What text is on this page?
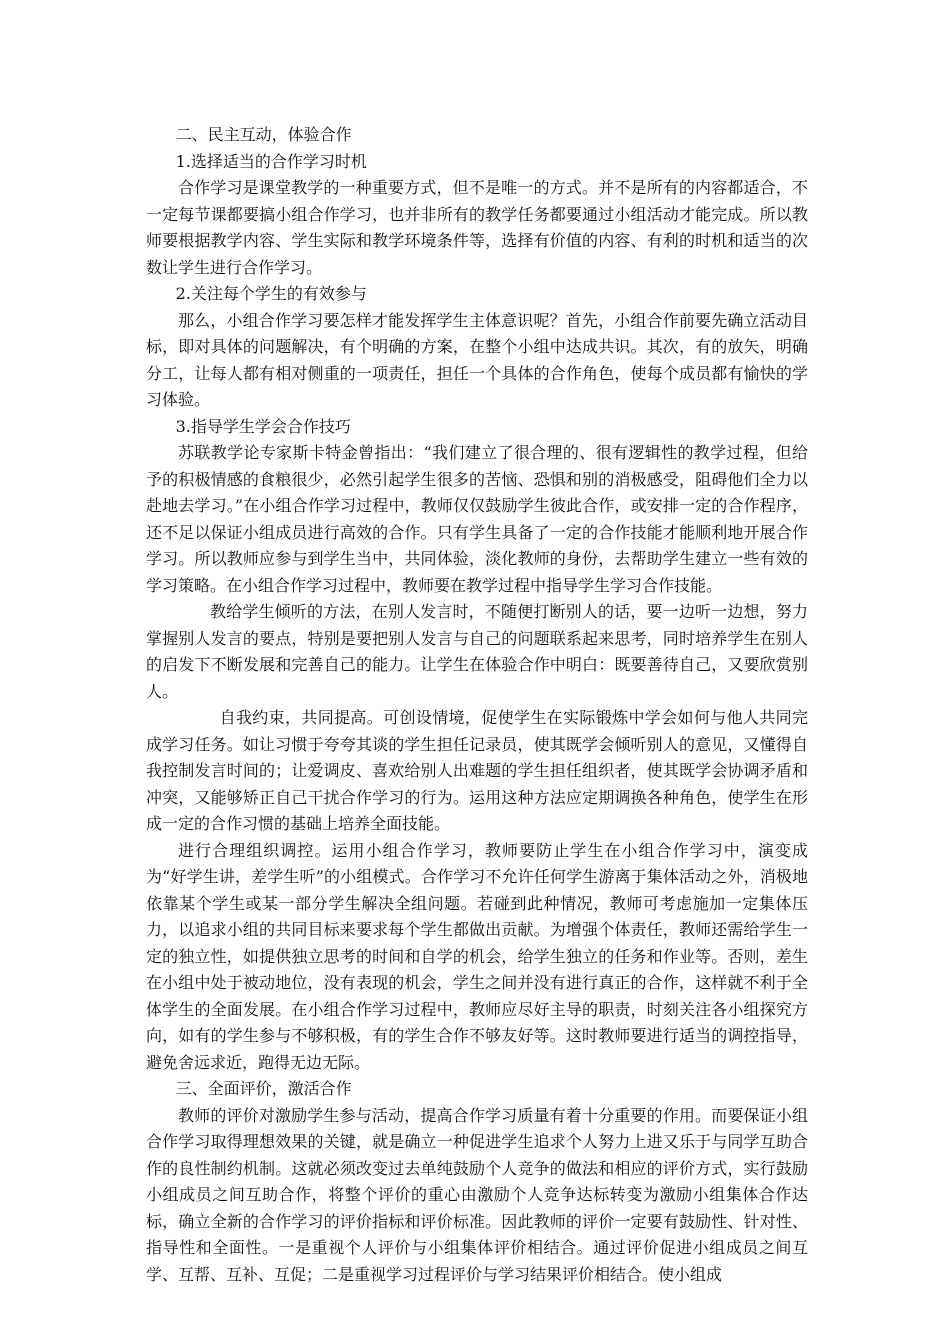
二、民主互动，体验合作

1.选择适当的合作学习时机

合作学习是课堂教学的一种重要方式，但不是唯一的方式。并不是所有的内容都适合，不一定每节课都要搞小组合作学习，也并非所有的教学任务都要通过小组活动才能完成。所以教师要根据教学内容、学生实际和教学环境条件等，选择有价值的内容、有利的时机和适当的次数让学生进行合作学习。

2.关注每个学生的有效参与

那么，小组合作学习要怎样才能发挥学生主体意识呢？首先，小组合作前要先确立活动目标，即对具体的问题解决，有个明确的方案，在整个小组中达成共识。其次，有的放矢，明确分工，让每人都有相对侧重的一项责任，担任一个具体的合作角色，使每个成员都有愉快的学习体验。

3.指导学生学会合作技巧

苏联教学论专家斯卡特金曾指出：“我们建立了很合理的、很有逻辑性的教学过程，但给予的积极情感的食粮很少，必然引起学生很多的苦恼、恐惧和别的消极感受，阻碍他们全力以赴地去学习。”在小组合作学习过程中，教师仅仅鼓励学生彼此合作，或安排一定的合作程序，还不足以保证小组成员进行高效的合作。只有学生具备了一定的合作技能才能顺利地开展合作学习。所以教师应参与到学生当中，共同体验，淡化教师的身份，去帮助学生建立一些有效的学习策略。在小组合作学习过程中，教师要在教学过程中指导学生学习合作技能。

教给学生倾听的方法，在别人发言时，不随便打断别人的话，要一边听一边想，努力掌握别人发言的要点，特别是要把别人发言与自己的问题联系起来思考，同时培养学生在别人的启发下不断发展和完善自己的能力。让学生在体验合作中明白：既要善待自己，又要欣赏别人。

自我约束，共同提高。可创设情境，促使学生在实际锻炼中学会如何与他人共同完成学习任务。如让习惯于夸夸其谈的学生担任记录员，使其既学会倾听别人的意见，又懂得自我控制发言时间的；让爱调皮、喜欢给别人出难题的学生担任组织者，使其既学会协调矛盾和冲突，又能够矫正自己干扰合作学习的行为。运用这种方法应定期调换各种角色，使学生在形成一定的合作习惯的基础上培养全面技能。

进行合理组织调控。运用小组合作学习，教师要防止学生在小组合作学习中，演变成为“好学生讲，差学生听”的小组模式。合作学习不允许任何学生游离于集体活动之外，消极地依靠某个学生或某一部分学生解决全组问题。若碰到此种情况，教师可考虑施加一定集体压力，以追求小组的共同目标来要求每个学生都做出贡献。为增强个体责任，教师还需给学生一定的独立性，如提供独立思考的时间和自学的机会，给学生独立的任务和作业等。否则，差生在小组中处于被动地位，没有表现的机会，学生之间并没有进行真正的合作，这样就不利于全体学生的全面发展。在小组合作学习过程中，教师应尽好主导的职责，时刻关注各小组探究方向，如有的学生参与不够积极，有的学生合作不够友好等。这时教师要进行适当的调控指导，避免舍远求近，跑得无边无际。

三、全面评价，激活合作

教师的评价对激励学生参与活动，提高合作学习质量有着十分重要的作用。而要保证小组合作学习取得理想效果的关键，就是确立一种促进学生追求个人努力上进又乐于与同学互助合作的良性制约机制。这就必须改变过去单纯鼓励个人竞争的做法和相应的评价方式，实行鼓励小组成员之间互助合作，将整个评价的重心由激励个人竞争达标转变为激励小组集体合作达标，确立全新的合作学习的评价指标和评价标准。因此教师的评价一定要有鼓励性、针对性、指导性和全面性。一是重视个人评价与小组集体评价相结合。通过评价促进小组成员之间互学、互帮、互补、互促；二是重视学习过程评价与学习结果评价相结合。使小组成
